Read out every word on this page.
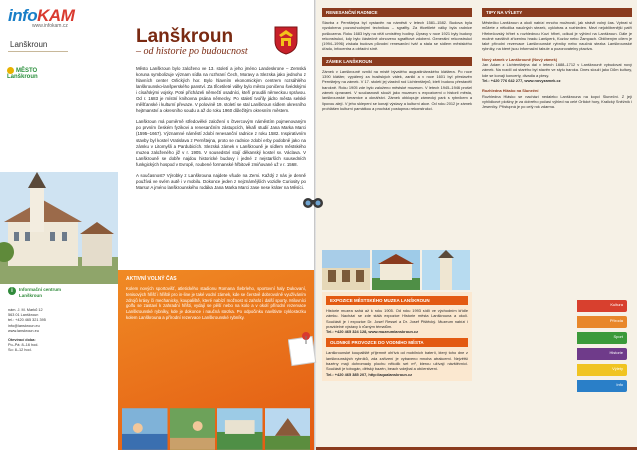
infoKAM
www.infokam.cz
Lanškroun
MĚSTO Lanškroun
i	Informační centrum Lanškroun
nám. J. M. Marků 12
563 01 Lanškroun
tel.: +420 465 321 395
info@lanskroun.eu
www.lanskroun.eu
Otevírací doba:
Po–Pá: 8–16 hod.
So: 8–12 hod.
Lanškroun
– od historie po budoucnost

Město Lanškroun bylo založeno ve 13. století a jeho jméno Landeskrone – Zemská koruna symbolizuje význam sídla na rozhraní Čech, Moravy a Slezska jako jednoho z hlavních center Orlických hor. Bylo hlavním ekonomickým centrem rozsáhlého lanškrounsko-lanšperského panství. Za třicetileté války bylo město poničeno švédskými i císařskými vojsky. Poté přicházeli němečtí osadníci, kteří proudili německou správou. Od r. 1683 je místní knihovna psána německy. Po staletí tvořily jádro města selské měšťanské i kulturní převaze. V polovině 19. století se stal Lanškroun sídlem okresního hejtmanství a okresního soudu a až do roku 1960 důležitým okresním městem.

Lanškroun má poměrně středověké založení s čtvercovým náměstím pojmenovaným po prvním českém fyzikovi a renesančním zástupcích, lékaři studií Jana Marka Marci (1595–1667). Významné náměstí zdobí renesanční radnice z roku 1582. Inspirativním stavby byl kostel Vratislava z Pernštejna, proto se radnice zdobí erby podobně jako na zámku v Litomyšli a Pardubicích. Slezská zámek v Lanškrouně je sídlem městského muzea založeného již v r. 1905. V sousedství stojí děkanský kostel sv. Václava. V Lanškrouně se dobře najdou historické budovy i jedné z nejstarších sousedních funkgických hospod v Evropě, roubené formanské hřbitově zmiňované už v r. 1568.

A současnost? Výrobky z Lanškrouna najdete všude na Zemi. Každý z nás je denně používá ve svém autě i v mobilu. Dokonce jeden z nejznámějších vozidle Curiosity po Marsu! A jméno lanškrounského rodáka Jana Marka Marci zase nese kráter na Měsíci.

AKTIVNÍ VOLNÝ ČAS
Kolem nových sportovišť, atletického stadionu Romana Šebrleho, sportovní haly Dukovaní, tenisových hřišť i hřiště pro in-line je také vodní zámek, kde se čerstvě dobrovolně využíváním zdrojů krásy či mechanicky, koupaliště, které nabízí možnost si zahrát i další sporty. Milovníci golfu se zastaví k zahradní hřišti, vydají se pěší nebo na kolo a v okolí přírodní rezervace Lanškrounské rybníky, kde je dokonce i naučná stezka. Po odpočinku navštivte cyklostezku kolem Lanškrouna a přírodní rezervace Lanškrounské rybníky.
RENESANČNÍ RADNICE
Stavba z Pernštejna byl vystavěn na náměstí v letech 1581–1582. Budova byla vyzdobena pozoruhodnými technikou – sgrafity. Za třicetileté války byla radnice poškozena. Roku 1683 byly na věži umístěny hodiny. Úpravy v roce 1921 byly budovy rekonstrukcí, kdy bylo částečně obnoveno sgrafitové zdobení. Generální rekonstrukci (1994–1996) získala budova původní renesanční tvář a stala se sídlem městského úřadu, infocentra a obřadní síně.
ZÁMEK LANŠKROUN
Zámek v Lanškrouně vznikl na místě bývalého augustiniánského kláštera. Po roce 1390 klášter, vypálený za husitských válek, zanikl a v roce 1601 byl přestavěn Pernštejny na zámek. V 17. století jej vlastnil rod Lichtenštejnů, kteří budovu přestavěli barokně. Roku 1905 zde bylo založeno městské muzeum. V letech 1945–1946 prošel zámek úpravami. V současnosti slouží jako muzeum s expozicemi o historii města, lanškrounské keramice a oknářství. Zámek obklopuje zámecký park s rybníkem a lipovou alejí. V jeho sklepení se konají výstavy a kulturní akce. Od roku 2012 je zámek prohlášen kulturní památkou a prochází postupnou rekonstrukcí.
EXPOZICE MĚSTSKÉHO MUZEA LANŠKROUN
Historie muzea sahá až k roku 1905. Od roku 1993 sídlí ve východním křídle zámku. Nachází se zde stálá expozice Historie města Lanškrouna a okolí. Součástí je i expozice Dr. Josef Ressel a Dr. Josef Pištěcký. Muzeum nabízí i pravidelné výstavy k různým tématům.
Tel.: +420 465 324 128, www.muzeumlanskroun.cz
OLDNIKÉ PROVOZCE DO VODNÍHO MĚSTA
Lanškrounské koupaliště příjemně ohřívá od mobilních baterií, který toho dne z lanškrounských rybníků, zda zařízení je vybaveno mnoha atrakcemi. Největší bazény mají dohromady plochu několik set m², kterou užívají návštěvníci. Součástí je tobogán, dětský bazén, beach volejbal a občerstvení.
Tel.: +420 465 385 207, http://aqualanskroun.cz
TIPY NA VÝLETY
Městečko Lanškroun a okolí nabízí mnoho možností, jak strávit volný čas. Vybrat si můžete z několika naučných stezek, cyklotras a rozhleden. Mezi nejoblíbenější patří Hřebečovský hřbet s rozhlednou Kozí hřbet, odkud je výhled na Lanškroun. Dále je možné navštívit zříceninu hradu Lanšperk, Kozlov nebo Žampach. Oblíbeným cílem je také přírodní rezervace Lanškrounské rybníky nebo naučná stezka Lanškrounské rybníky, na které jsou informační tabule a pozorovatelny ptactva.
Nový zámek v Lanškrouně (Nový zámek)
Jan Adam z Lichtenštejna dal v letech 1688–1712 v Lanškrouně vybudovat nový zámek. Na rozdíl od starého byl stavěn ve stylu baroka. Dnes slouží jako Dům kultury, kde se konají koncerty, divadla a plesy.
Tel.: +420 776 642 277, www.novyzamek.cz
Rozhledna Hlásko na Sluneční
Rozhledna Hlásko se nachází nedaleko Lanškrouna na kopci Sluneční. Z její vyhlídkové plošiny je za dobrého počasí výhled na celé Orlické hory, Kralický Sněžník i Jeseníky. Přístupná je po celý rok zdarma.
Kultura
Příroda
Sport
Historie
Výlety
Info
